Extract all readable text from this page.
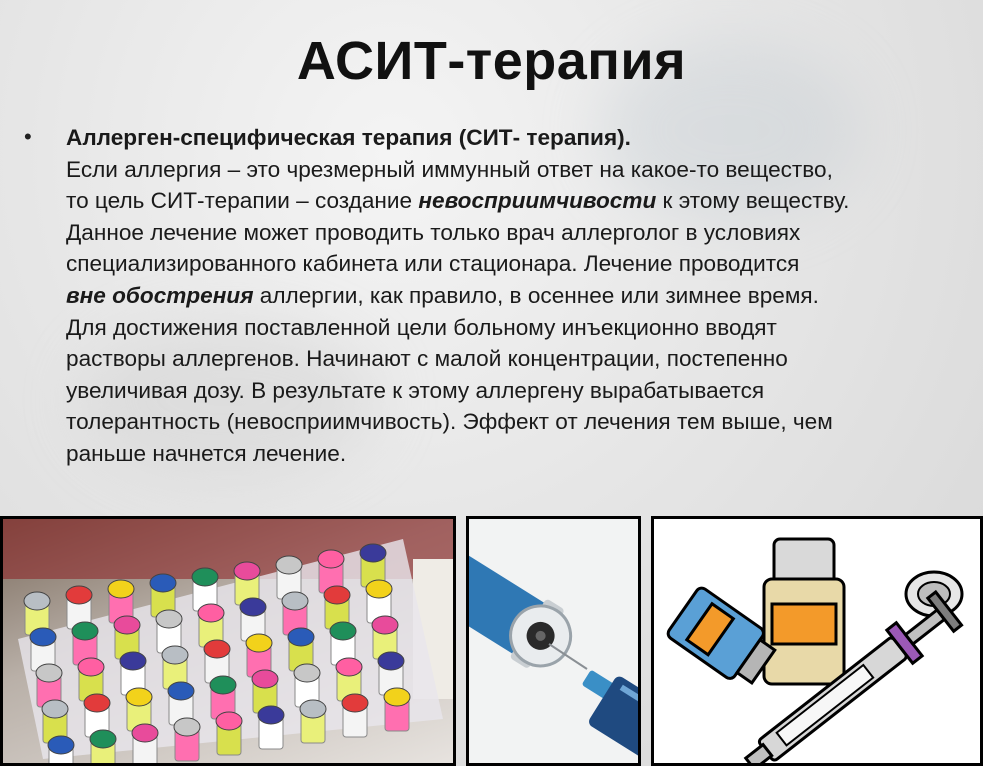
АСИТ-терапия
• Аллерген-специфическая терапия (СИТ- терапия).
Если аллергия – это чрезмерный иммунный ответ на какое-то вещество,
то цель СИТ-терапии – создание невосприимчивости к этому веществу.
Данное лечение может проводить только врач аллерголог в условиях
специализированного кабинета или стационара. Лечение проводится
вне обострения аллергии, как правило, в осеннее или зимнее время.
Для достижения поставленной цели больному инъекционно вводят
растворы аллергенов. Начинают с малой концентрации, постепенно
увеличивая дозу. В результате к этому аллергену вырабатывается
толерантность (невосприимчивость). Эффект от лечения тем выше, чем
раньше начнется лечение.
